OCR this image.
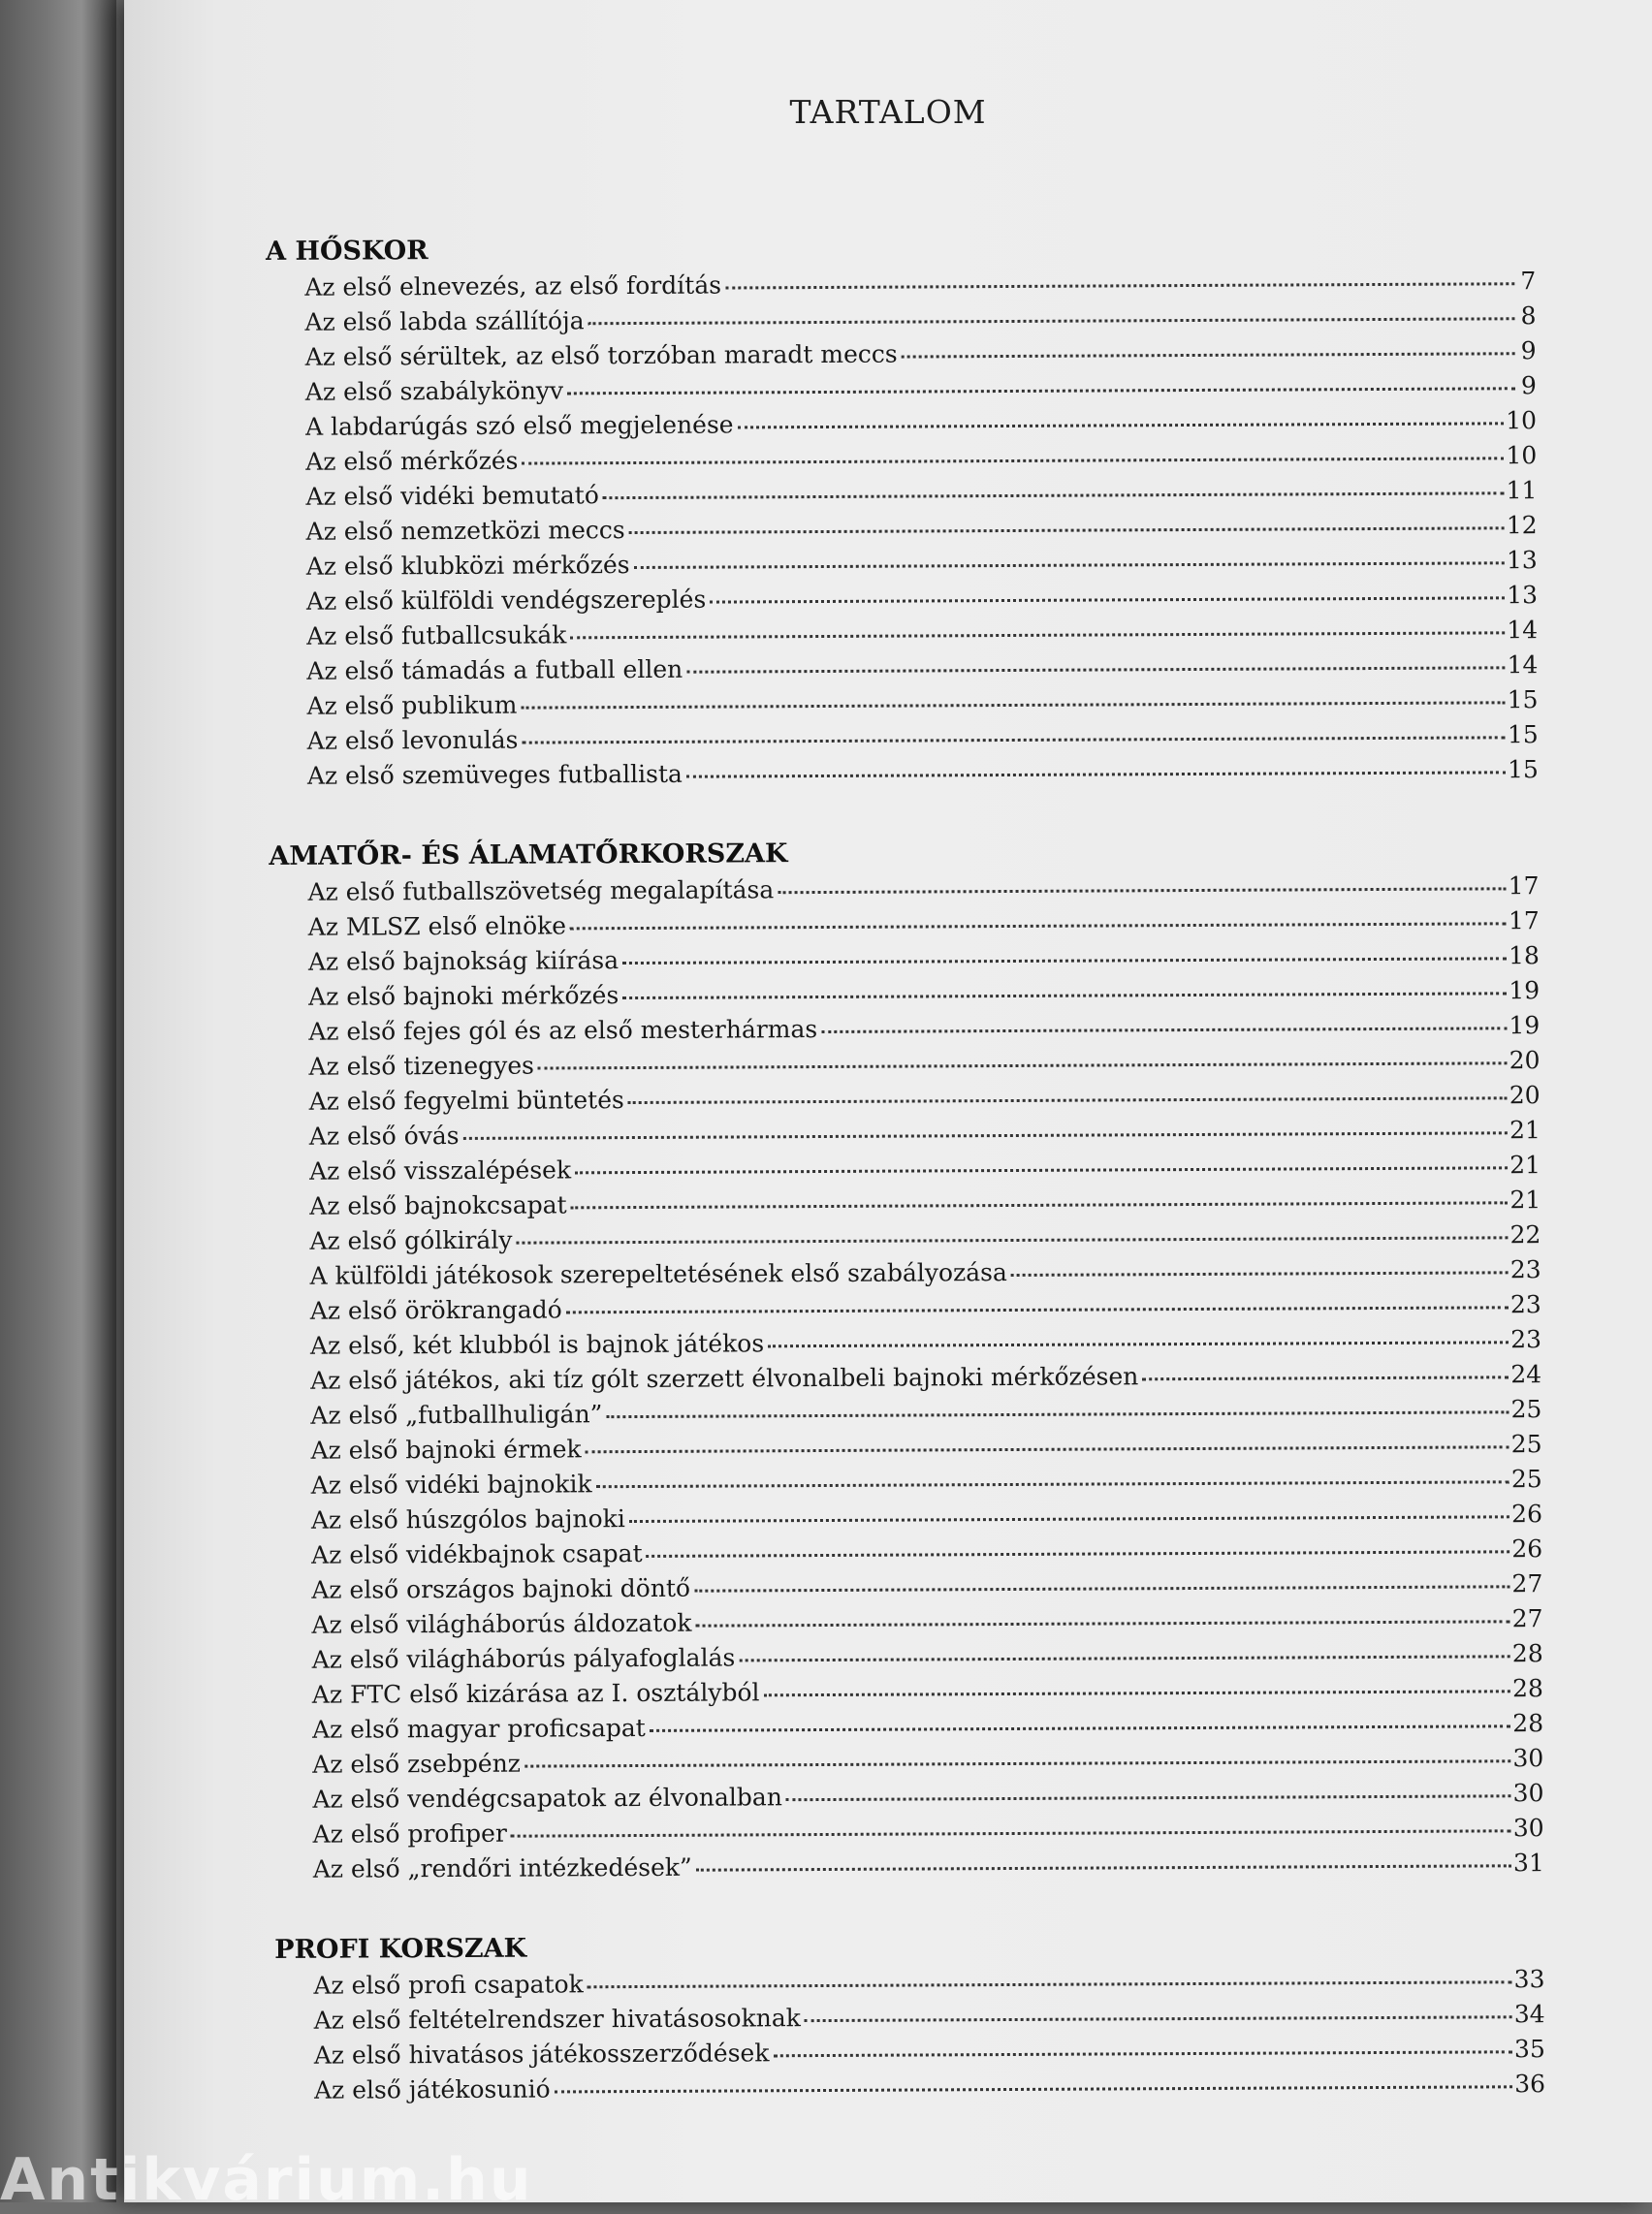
TARTALOM
A HŐSKOR
Az első elnevezés, az első fordítás	7
Az első labda szállítója	8
Az első sérültek, az első torzóban maradt meccs	9
Az első szabálykönyv	9
A labdarúgás szó első megjelenése	10
Az első mérkőzés	10
Az első vidéki bemutató	11
Az első nemzetközi meccs	12
Az első klubközi mérkőzés	13
Az első külföldi vendégszereplés	13
Az első futballcsukák	14
Az első támadás a futball ellen	14
Az első publikum	15
Az első levonulás	15
Az első szemüveges futballista	15
AMATŐR- ÉS ÁLAMATŐRKORSZAK
Az első futballszövetség megalapítása	17
Az MLSZ első elnöke	17
Az első bajnokság kiírása	18
Az első bajnoki mérkőzés	19
Az első fejes gól és az első mesterhármas	19
Az első tizenegyes	20
Az első fegyelmi büntetés	20
Az első óvás	21
Az első visszalépések	21
Az első bajnokcsapat	21
Az első gólkirály	22
A külföldi játékosok szerepeltetésének első szabályozása	23
Az első örökrangadó	23
Az első, két klubból is bajnok játékos	23
Az első játékos, aki tíz gólt szerzett élvonalbeli bajnoki mérkőzésen	24
Az első „futballhuligán”	25
Az első bajnoki érmek	25
Az első vidéki bajnokik	25
Az első húszgólos bajnoki	26
Az első vidékbajnok csapat	26
Az első országos bajnoki döntő	27
Az első világháborús áldozatok	27
Az első világháborús pályafoglalás	28
Az FTC első kizárása az I. osztályból	28
Az első magyar proficsapat	28
Az első zsebpénz	30
Az első vendégcsapatok az élvonalban	30
Az első profiper	30
Az első „rendőri intézkedések”	31
PROFI KORSZAK
Az első profi csapatok	33
Az első feltételrendszer hivatásosoknak	34
Az első hivatásos játékosszerződések	35
Az első játékosunió	36
Antikvárium.hu
